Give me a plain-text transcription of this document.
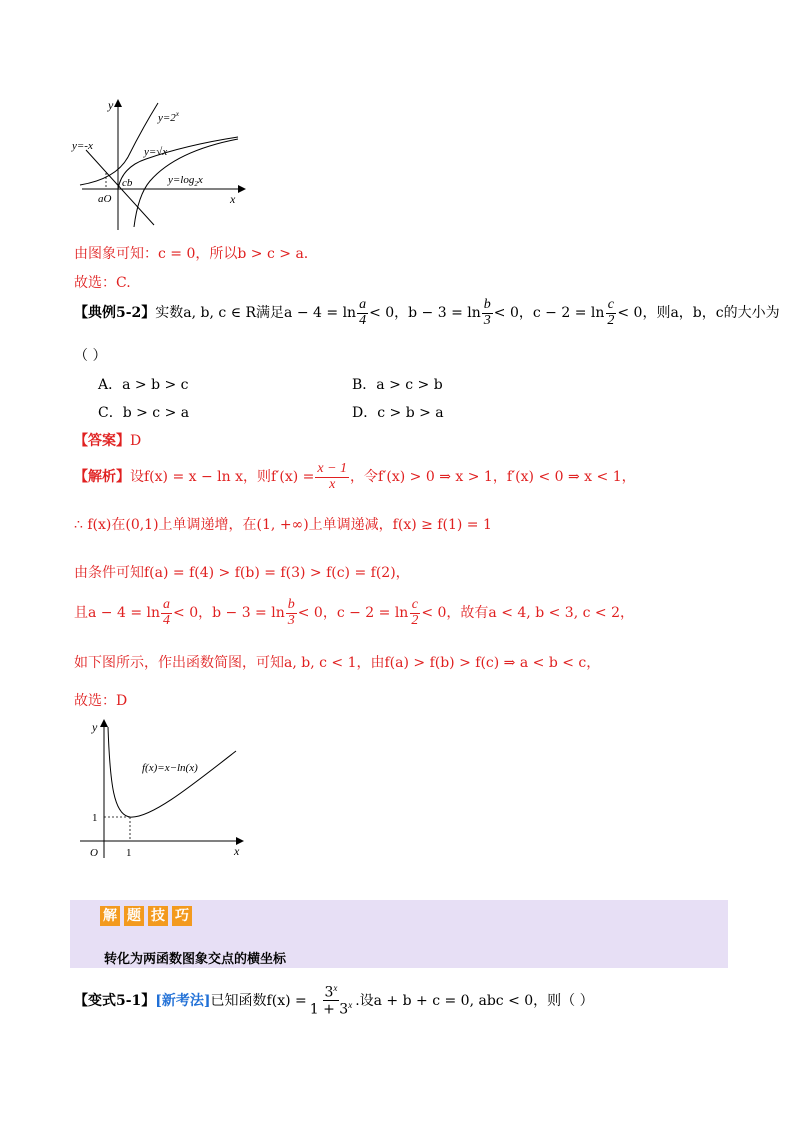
y
x
$y=2^x$
y=√x
y=-x
$y=\log_2x$
cb
aO
由图象可知：c = 0，所以b > c > a.
故选：C.
【典例5-2】实数a, b, c ∈ R满足$a - 4 = \ln \frac{a}{4} < 0$，$b - 3 = \ln \frac{b}{3} < 0$，$c - 2 = \ln \frac{c}{2} < 0$，则a，b，c的大小为
（ ）
A．a > b > c	B．a > c > b
C．b > c > a	D．c > b > a
【答案】D
【解析】设f(x) = x − ln x，则$f'(x) = \frac{x - 1}{x}$ ，令f′(x) > 0 ⇒ x > 1，f′(x) < 0 ⇒ x < 1，
∴ f(x)在(0,1)上单调递增，在(1, +∞)上单调递减，f(x) ≥ f(1) = 1
由条件可知f(a) = f(4) > f(b) = f(3) > f(c) = f(2)，
且$a - 4 = \ln \frac{a}{4} < 0$，$b - 3 = \ln \frac{b}{3} < 0$，$c - 2 = \ln \frac{c}{2} < 0$，故有a < 4, b < 3, c < 2，
如下图所示，作出函数简图，可知a, b, c < 1，由f(a) > f(b) > f(c) ⇒ a < b < c，
故选：D
y
x
O	1
1
f(x)=x−ln(x)
解 题 技 巧
转化为两函数图象交点的横坐标
【变式5-1】[新考法]已知函数$f(x) = \frac{3^x}{1 + 3^x}$ .设a + b + c = 0, abc < 0，则（ ）
